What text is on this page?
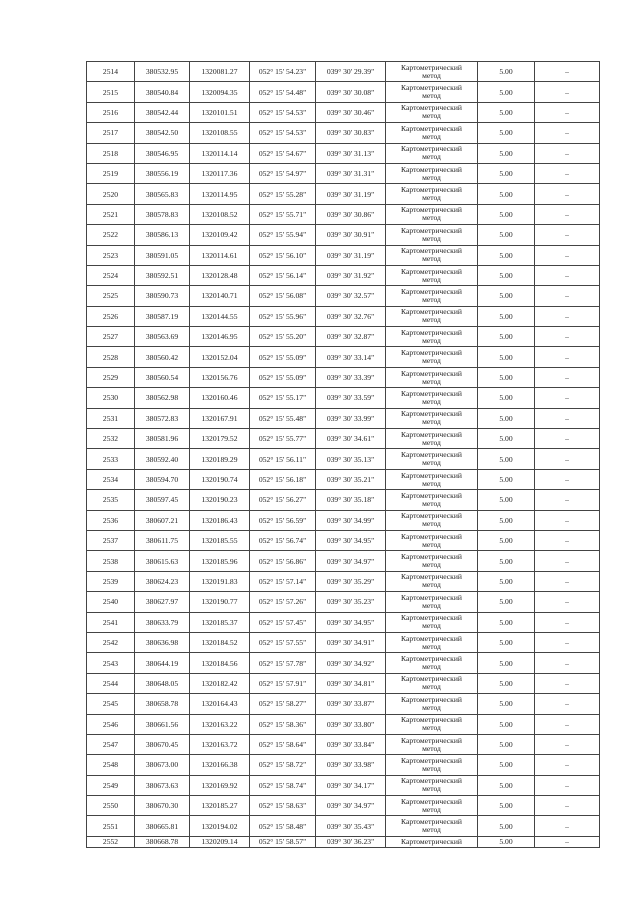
2514	380532.95	1320081.27	052° 15' 54.23"	039° 30' 29.39"	Картометрический
метод	5.00	–
2515	380540.84	1320094.35	052° 15' 54.48"	039° 30' 30.08"	Картометрический
метод	5.00	–
2516	380542.44	1320101.51	052° 15' 54.53"	039° 30' 30.46"	Картометрический
метод	5.00	–
2517	380542.50	1320108.55	052° 15' 54.53"	039° 30' 30.83"	Картометрический
метод	5.00	–
2518	380546.95	1320114.14	052° 15' 54.67"	039° 30' 31.13"	Картометрический
метод	5.00	–
2519	380556.19	1320117.36	052° 15' 54.97"	039° 30' 31.31"	Картометрический
метод	5.00	–
2520	380565.83	1320114.95	052° 15' 55.28"	039° 30' 31.19"	Картометрический
метод	5.00	–
2521	380578.83	1320108.52	052° 15' 55.71"	039° 30' 30.86"	Картометрический
метод	5.00	–
2522	380586.13	1320109.42	052° 15' 55.94"	039° 30' 30.91"	Картометрический
метод	5.00	–
2523	380591.05	1320114.61	052° 15' 56.10"	039° 30' 31.19"	Картометрический
метод	5.00	–
2524	380592.51	1320128.48	052° 15' 56.14"	039° 30' 31.92"	Картометрический
метод	5.00	–
2525	380590.73	1320140.71	052° 15' 56.08"	039° 30' 32.57"	Картометрический
метод	5.00	–
2526	380587.19	1320144.55	052° 15' 55.96"	039° 30' 32.76"	Картометрический
метод	5.00	–
2527	380563.69	1320146.95	052° 15' 55.20"	039° 30' 32.87"	Картометрический
метод	5.00	–
2528	380560.42	1320152.04	052° 15' 55.09"	039° 30' 33.14"	Картометрический
метод	5.00	–
2529	380560.54	1320156.76	052° 15' 55.09"	039° 30' 33.39"	Картометрический
метод	5.00	–
2530	380562.98	1320160.46	052° 15' 55.17"	039° 30' 33.59"	Картометрический
метод	5.00	–
2531	380572.83	1320167.91	052° 15' 55.48"	039° 30' 33.99"	Картометрический
метод	5.00	–
2532	380581.96	1320179.52	052° 15' 55.77"	039° 30' 34.61"	Картометрический
метод	5.00	–
2533	380592.40	1320189.29	052° 15' 56.11"	039° 30' 35.13"	Картометрический
метод	5.00	–
2534	380594.70	1320190.74	052° 15' 56.18"	039° 30' 35.21"	Картометрический
метод	5.00	–
2535	380597.45	1320190.23	052° 15' 56.27"	039° 30' 35.18"	Картометрический
метод	5.00	–
2536	380607.21	1320186.43	052° 15' 56.59"	039° 30' 34.99"	Картометрический
метод	5.00	–
2537	380611.75	1320185.55	052° 15' 56.74"	039° 30' 34.95"	Картометрический
метод	5.00	–
2538	380615.63	1320185.96	052° 15' 56.86"	039° 30' 34.97"	Картометрический
метод	5.00	–
2539	380624.23	1320191.83	052° 15' 57.14"	039° 30' 35.29"	Картометрический
метод	5.00	–
2540	380627.97	1320190.77	052° 15' 57.26"	039° 30' 35.23"	Картометрический
метод	5.00	–
2541	380633.79	1320185.37	052° 15' 57.45"	039° 30' 34.95"	Картометрический
метод	5.00	–
2542	380636.98	1320184.52	052° 15' 57.55"	039° 30' 34.91"	Картометрический
метод	5.00	–
2543	380644.19	1320184.56	052° 15' 57.78"	039° 30' 34.92"	Картометрический
метод	5.00	–
2544	380648.05	1320182.42	052° 15' 57.91"	039° 30' 34.81"	Картометрический
метод	5.00	–
2545	380658.78	1320164.43	052° 15' 58.27"	039° 30' 33.87"	Картометрический
метод	5.00	–
2546	380661.56	1320163.22	052° 15' 58.36"	039° 30' 33.80"	Картометрический
метод	5.00	–
2547	380670.45	1320163.72	052° 15' 58.64"	039° 30' 33.84"	Картометрический
метод	5.00	–
2548	380673.00	1320166.38	052° 15' 58.72"	039° 30' 33.98"	Картометрический
метод	5.00	–
2549	380673.63	1320169.92	052° 15' 58.74"	039° 30' 34.17"	Картометрический
метод	5.00	–
2550	380670.30	1320185.27	052° 15' 58.63"	039° 30' 34.97"	Картометрический
метод	5.00	–
2551	380665.81	1320194.02	052° 15' 58.48"	039° 30' 35.43"	Картометрический
метод	5.00	–
2552	380668.78	1320209.14	052° 15' 58.57"	039° 30' 36.23"	Картометрический	5.00	–
